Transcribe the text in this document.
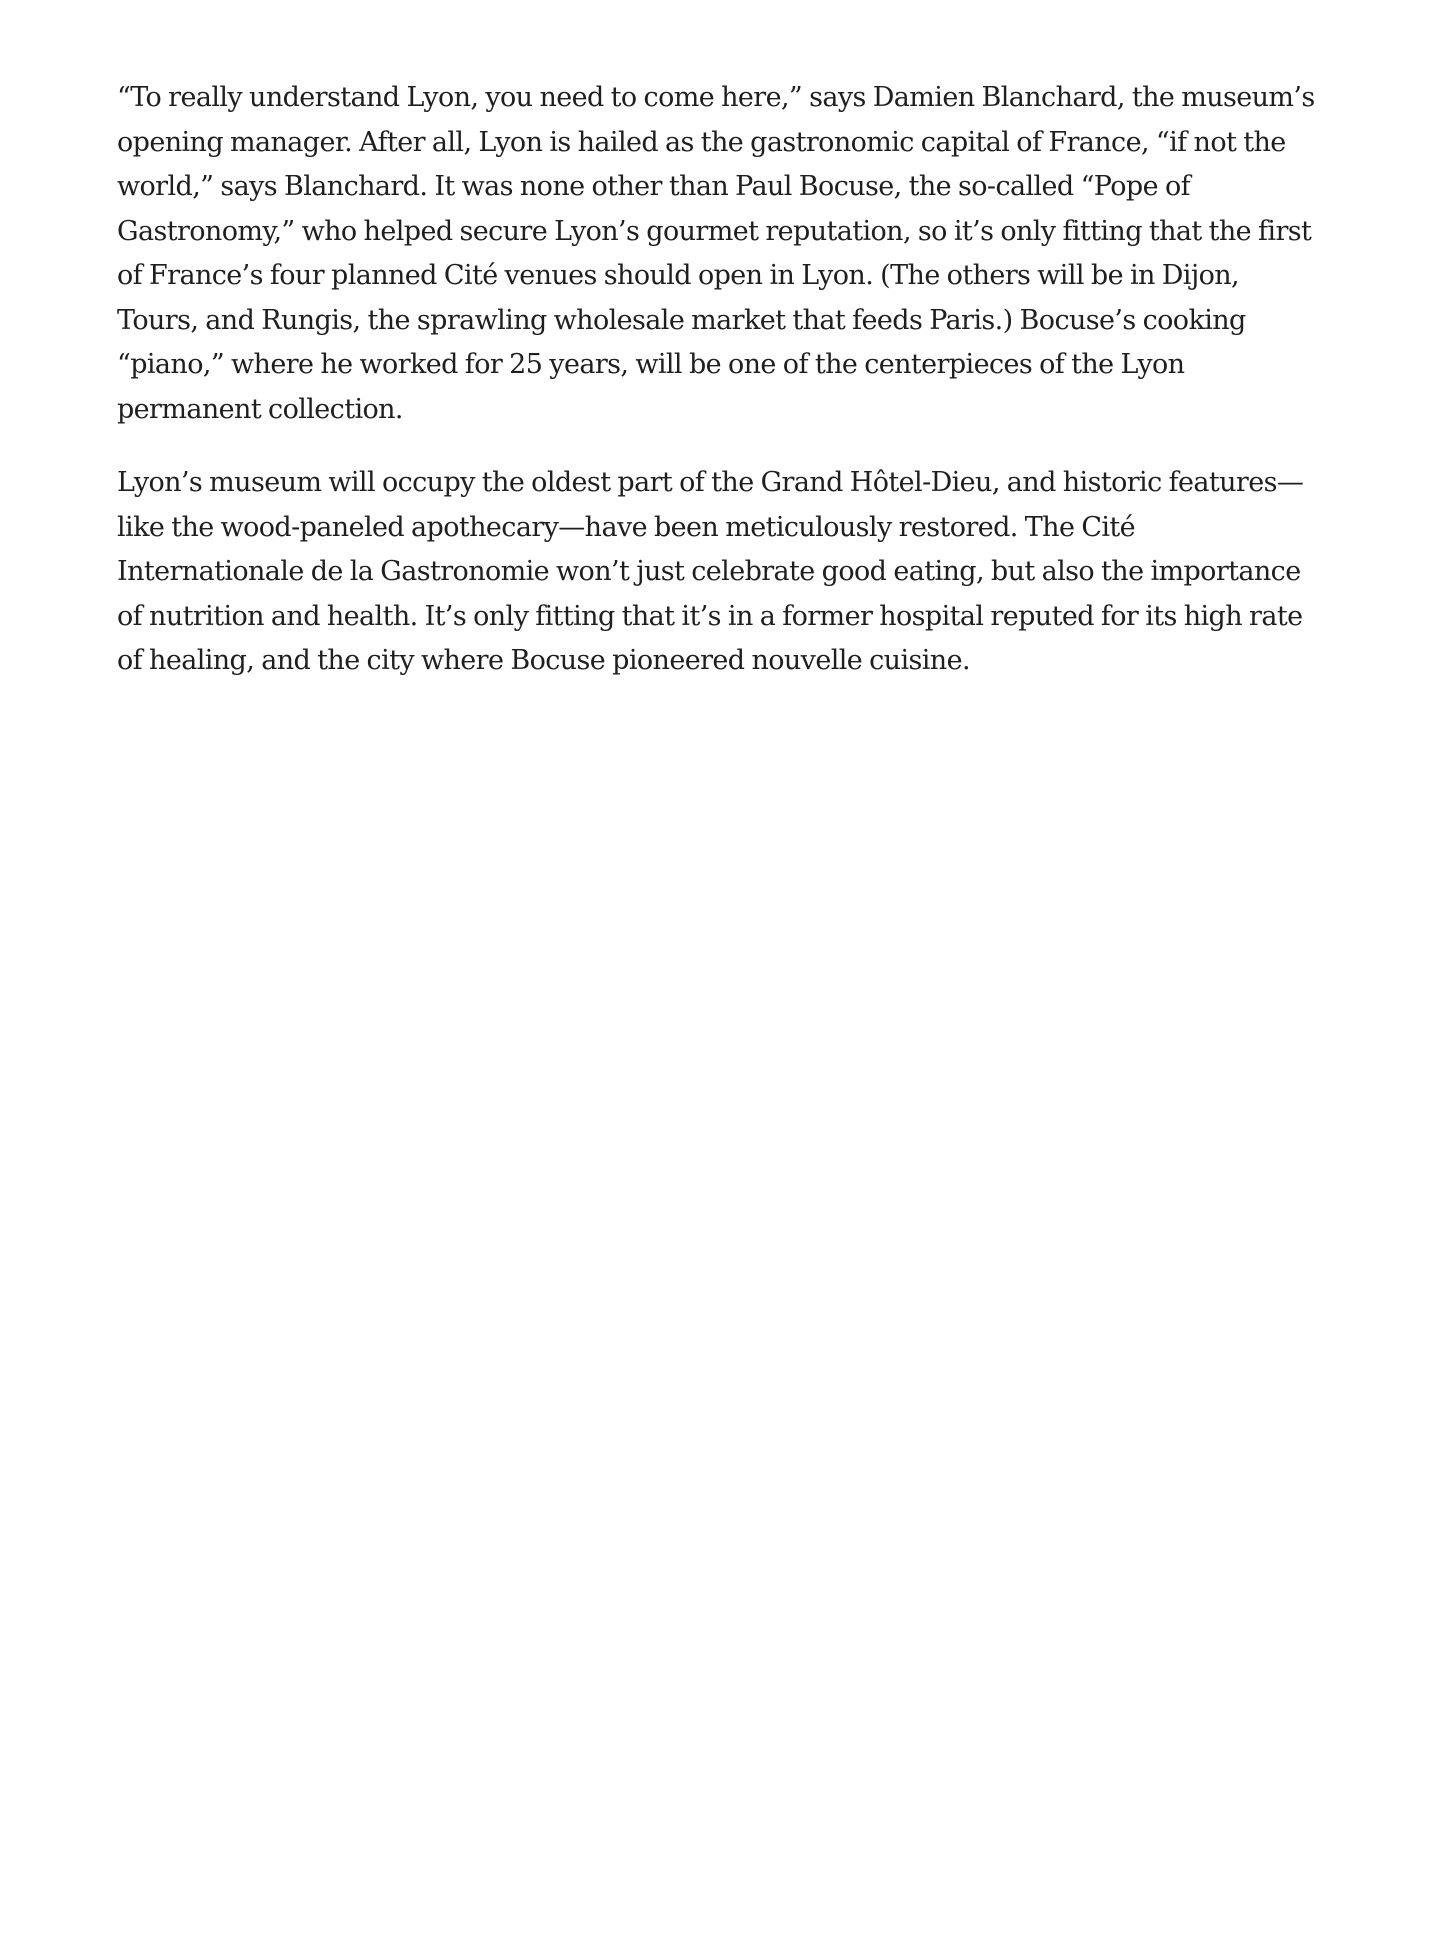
“To really understand Lyon, you need to come here,” says Damien Blanchard, the museum’s opening manager. After all, Lyon is hailed as the gastronomic capital of France, “if not the world,” says Blanchard. It was none other than Paul Bocuse, the so-called “Pope of Gastronomy,” who helped secure Lyon’s gourmet reputation, so it’s only fitting that the first of France’s four planned Cité venues should open in Lyon. (The others will be in Dijon, Tours, and Rungis, the sprawling wholesale market that feeds Paris.) Bocuse’s cooking “piano,” where he worked for 25 years, will be one of the centerpieces of the Lyon permanent collection.

Lyon’s museum will occupy the oldest part of the Grand Hôtel-Dieu, and historic features—like the wood-paneled apothecary—have been meticulously restored. The Cité Internationale de la Gastronomie won’t just celebrate good eating, but also the importance of nutrition and health. It’s only fitting that it’s in a former hospital reputed for its high rate of healing, and the city where Bocuse pioneered nouvelle cuisine.
